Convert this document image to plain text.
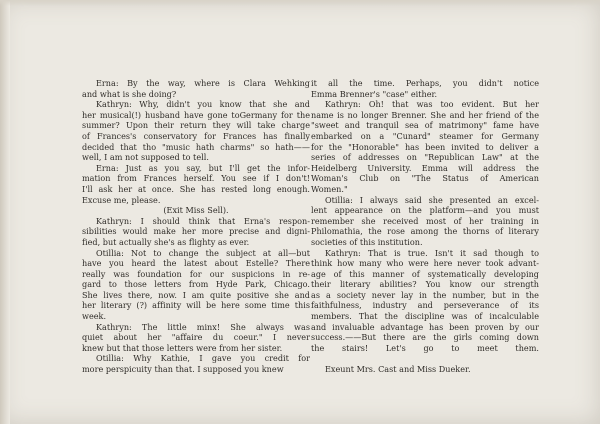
Erna: By the way, where is Clara Wehking

and what is she doing?

Kathryn: Why, didn't you know that she and

her musical(!) husband have gone toGermany for the

summer? Upon their return they will take charge

of Frances's conservatory for Frances has finally

decided that tho "music hath charms" so hath——

well, I am not supposed to tell.

Erna: Just as you say, but I'll get the infor-

mation from Frances herself. You see if I don't!

I'll ask her at once. She has rested long enough.

Excuse me, please.

(Exit Miss Sell).

Kathryn: I should think that Erna's respon-

sibilities would make her more precise and digni-

fied, but actually she's as flighty as ever.

Otillia: Not to change the subject at all—but

have you heard the latest about Estelle? There

really was foundation for our suspicions in re-

gard to those letters from Hyde Park, Chicago.

She lives there, now. I am quite positive she and

her literary (?) affinity will be here some time this

week.

Kathryn: The little minx! She always was

quiet about her "affaire du coeur." I never

knew but that those letters were from her sister.

Otillia: Why Kathie, I gave you credit for

more perspicuity than that. I supposed you knew

it all the time. Perhaps, you didn't notice

Emma Brenner's "case" either.

Kathryn: Oh! that was too evident. But her

name is no longer Brenner. She and her friend of the

"sweet and tranquil sea of matrimony" fame have

embarked on a "Cunard" steamer for Germany

for the "Honorable" has been invited to deliver a

series of addresses on "Republican Law" at the

Heidelberg University. Emma will address the

Woman's Club on "The Status of American

Women."

Otillia: I always said she presented an excel-

lent appearance on the platform—and you must

remember she received most of her training in

Philomathia, the rose among the thorns of literary

societies of this institution.

Kathryn: That is true. Isn't it sad though to

think how many who were here never took advant-

age of this manner of systematically developing

their literary abilities? You know our strength

as a society never lay in the number, but in the

faithfulness, industry and perseverance of its

members. That the discipline was of incalculable

and invaluable advantage has been proven by our

success.——But there are the girls coming down

the stairs! Let's go to meet them.

Exeunt Mrs. Cast and Miss Dueker.
